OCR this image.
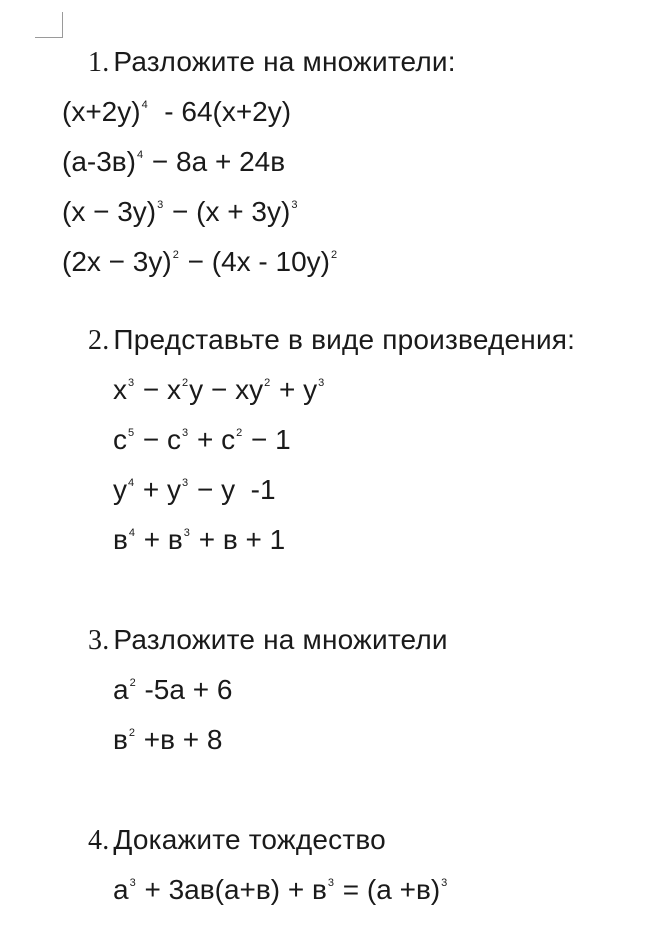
1. Разложите на множители:
$(x+2y)^4 - 64(x+2y)$
$(а-3в)^4 - 8а + 24в$
$(x - 3y)^3 - (x + 3y)^3$
$(2x - 3y)^2 - (4x - 10y)^2$
2. Представьте в виде произведения:
$x^3 - x^2y - xy^2 + y^3$
$c^5 - c^3 + c^2 - 1$
$y^4 + y^3 - y$  -1
$в^4 + в^3 + в + 1$
3. Разложите на множители
$а^2$ -5а + 6
$в^2 +в + 8$
4. Докажите тождество
$а^3 + 3ав(а+в) + в^3 = (а +в)^3$
